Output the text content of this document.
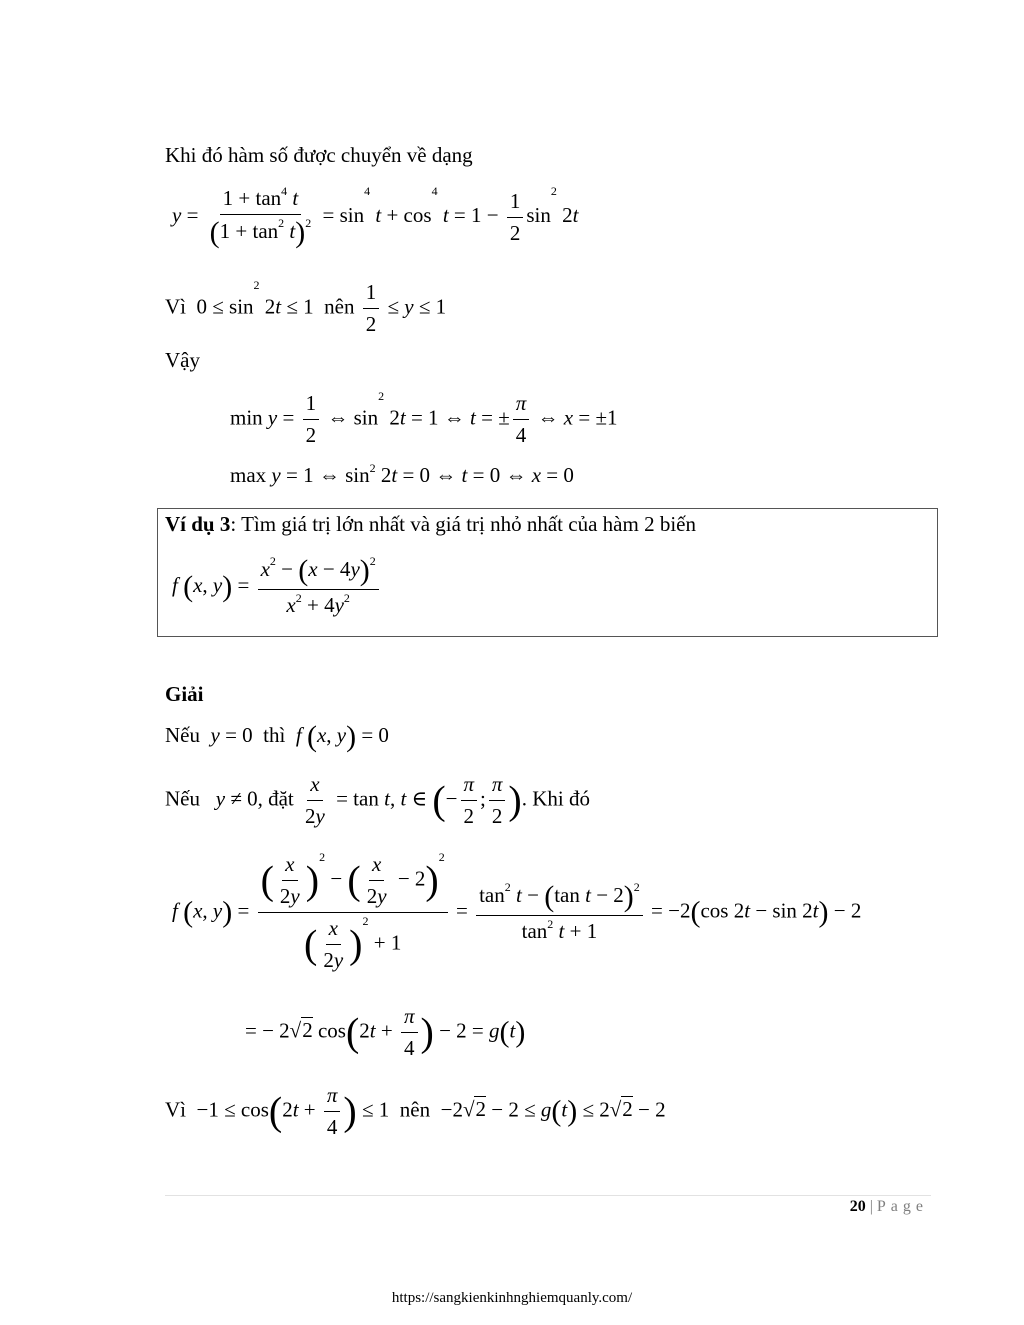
Khi đó hàm số được chuyển về dạng
$y = \frac{1 + \tan^4 t}{(1 + \tan^2 t)^2} = \sin^4 t + \cos^4 t = 1 - \frac{1}{2} \sin^2 2t$
Vì  $0 \le \sin^2 2t \le 1$  nên $\frac{1}{2} \le y \le 1$
Vậy
$\min y = \frac{1}{2}$ ⇔ $\sin^2 2t = 1$ ⇔ t = ± $\frac{\pi}{4}$ ⇔ x = ±1
max y = 1 ⇔ $\sin^2 2t = 0$ ⇔ t = 0 ⇔ x = 0
Ví dụ 3: Tìm giá trị lớn nhất và giá trị nhỏ nhất của hàm 2 biến
f (x, $y) = \frac{x^2 - (x - 4y)^2}{x^2 + 4y^2}$
Giải
Nếu y = 0  thì f (x, y) = 0
Nếu y ≠ 0, đặt $\frac{x}{2y} = \tan t$, t ∈ (− $\frac{\pi}{2}$ ; $\frac{\pi}{2}$ ). Khi đó
f (x, $y) = \frac{( \frac{x}{2y} )^2 - ( \frac{x}{2y} - 2)^2}{( \frac{x}{2y} )^2 + 1} = \frac{\tan^2 t - (\tan t - 2)^2}{\tan^2 t + 1} = -2(\cos$ 2t − sin 2t) − 2
= − 2√2 $\cos(2t + \frac{\pi}{4}$ ) − 2 = g(t)
Vì  $-1 \le \cos(2t + \frac{\pi}{4}$ ) ≤ 1  nên  −2√2 − 2 ≤ g(t) ≤ 2√2 − 2
20 | Page
https://sangkienkinhnghiemquanly.com/
